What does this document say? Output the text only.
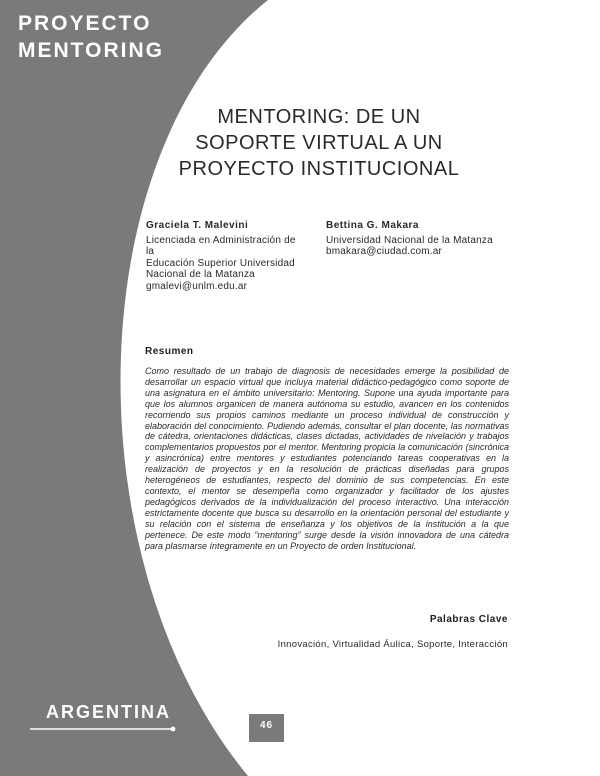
PROYECTO
MENTORING
MENTORING: DE UN
SOPORTE VIRTUAL A UN
PROYECTO INSTITUCIONAL
Graciela T. Malevini
Licenciada en Administración de la
Educación Superior Universidad
Nacional de la Matanza
gmalevi@unlm.edu.ar
Bettina G. Makara
Universidad Nacional de la Matanza
bmakara@ciudad.com.ar
Resumen
Como resultado de un trabajo de diagnosis de necesidades emerge la posibilidad de desarrollar un espacio virtual que incluya material didáctico-pedagógico como soporte de una asignatura en el ámbito universitario: Mentoring. Supone una ayuda importante para que los alumnos organicen de manera autónoma su estudio, avancen en los contenidos recorriendo sus propios caminos mediante un proceso individual de construcción y elaboración del conocimiento. Pudiendo además, consultar el plan docente, las normativas de cátedra, orientaciones didácticas, clases dictadas, actividades de nivelación y trabajos complementarios propuestos por el mentor. Mentoring propicia la comunicación (sincrónica y asincrónica) entre mentores y estudiantes potenciando tareas cooperativas en la realización de proyectos y en la resolución de prácticas diseñadas para grupos heterogéneos de estudiantes, respecto del dominio de sus competencias. En este contexto, el mentor se desempeña como organizador y facilitador de los ajustes pedagógicos derivados de la individualización del proceso interactivo. Una interacción estrictamente docente que busca su desarrollo en la orientación personal del estudiante y su relación con el sistema de enseñanza y los objetivos de la institución a la que pertenece. De este modo “mentoring” surge desde la visión innovadora de una cátedra para plasmarse íntegramente en un Proyecto de orden Institucional.
Palabras Clave
Innovación, Virtualidad Áulica, Soporte, Interacción
ARGENTINA
46
